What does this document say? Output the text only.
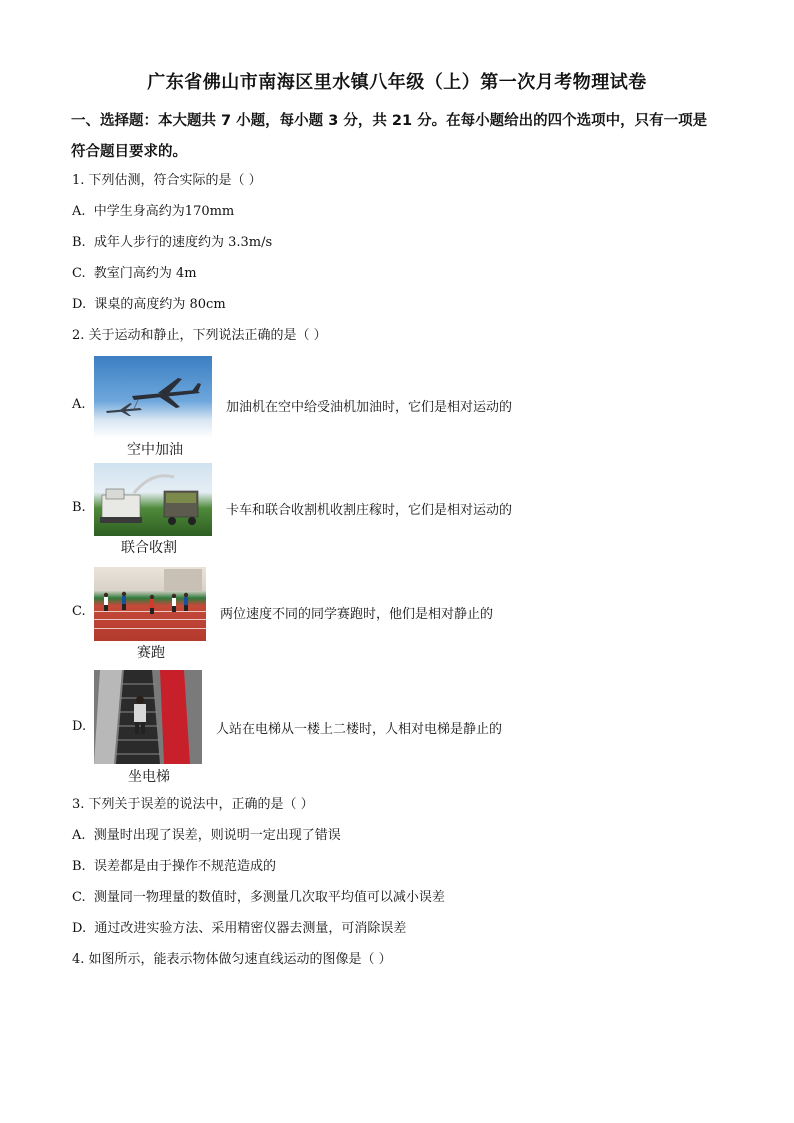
广东省佛山市南海区里水镇八年级（上）第一次月考物理试卷
一、选择题：本大题共 7 小题，每小题 3 分，共 21 分。在每小题给出的四个选项中，只有一项是符合题目要求的。
1. 下列估测，符合实际的是（ ）
A. 中学生身高约为170mm
B. 成年人步行的速度约为 3.3m/s
C. 教室门高约为 4m
D. 课桌的高度约为 80cm
2. 关于运动和静止，下列说法正确的是（ ）
A.
空中加油
加油机在空中给受油机加油时，它们是相对运动的
B.
联合收割
卡车和联合收割机收割庄稼时，它们是相对运动的
C.
赛跑
两位速度不同的同学赛跑时，他们是相对静止的
D.
坐电梯
人站在电梯从一楼上二楼时，人相对电梯是静止的
3. 下列关于误差的说法中，正确的是（ ）
A. 测量时出现了误差，则说明一定出现了错误
B. 误差都是由于操作不规范造成的
C. 测量同一物理量的数值时，多测量几次取平均值可以减小误差
D. 通过改进实验方法、采用精密仪器去测量，可消除误差
4. 如图所示，能表示物体做匀速直线运动的图像是（ ）
